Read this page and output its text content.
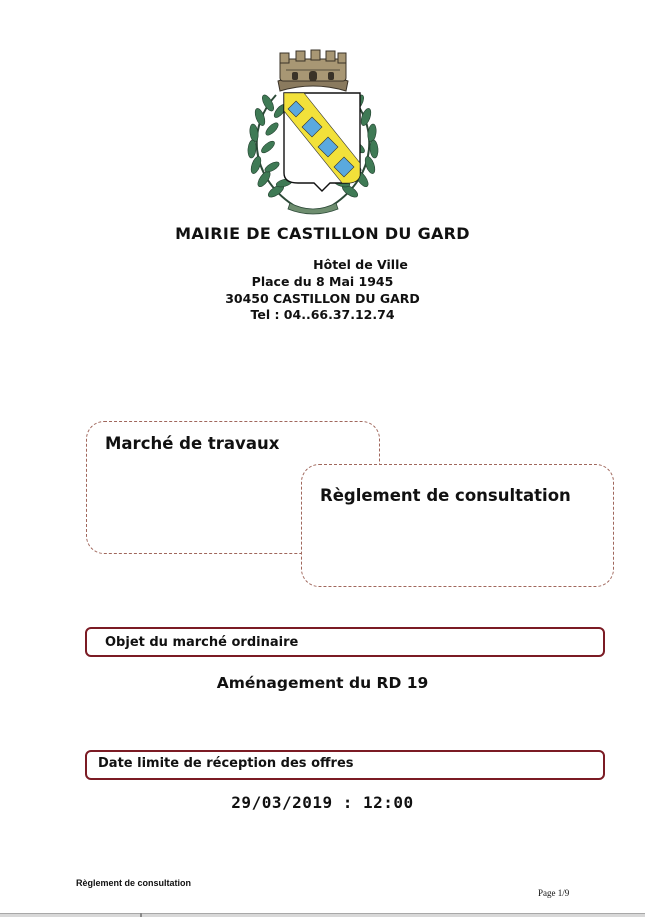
MAIRIE DE CASTILLON DU GARD
Hôtel de Ville
Place du 8 Mai 1945
30450 CASTILLON DU GARD
Tel : 04..66.37.12.74
Marché de travaux
Règlement de consultation
Objet du marché ordinaire
Aménagement du RD 19
Date limite de réception des offres
29/03/2019 : 12:00
Règlement de consultation
Page 1/9
